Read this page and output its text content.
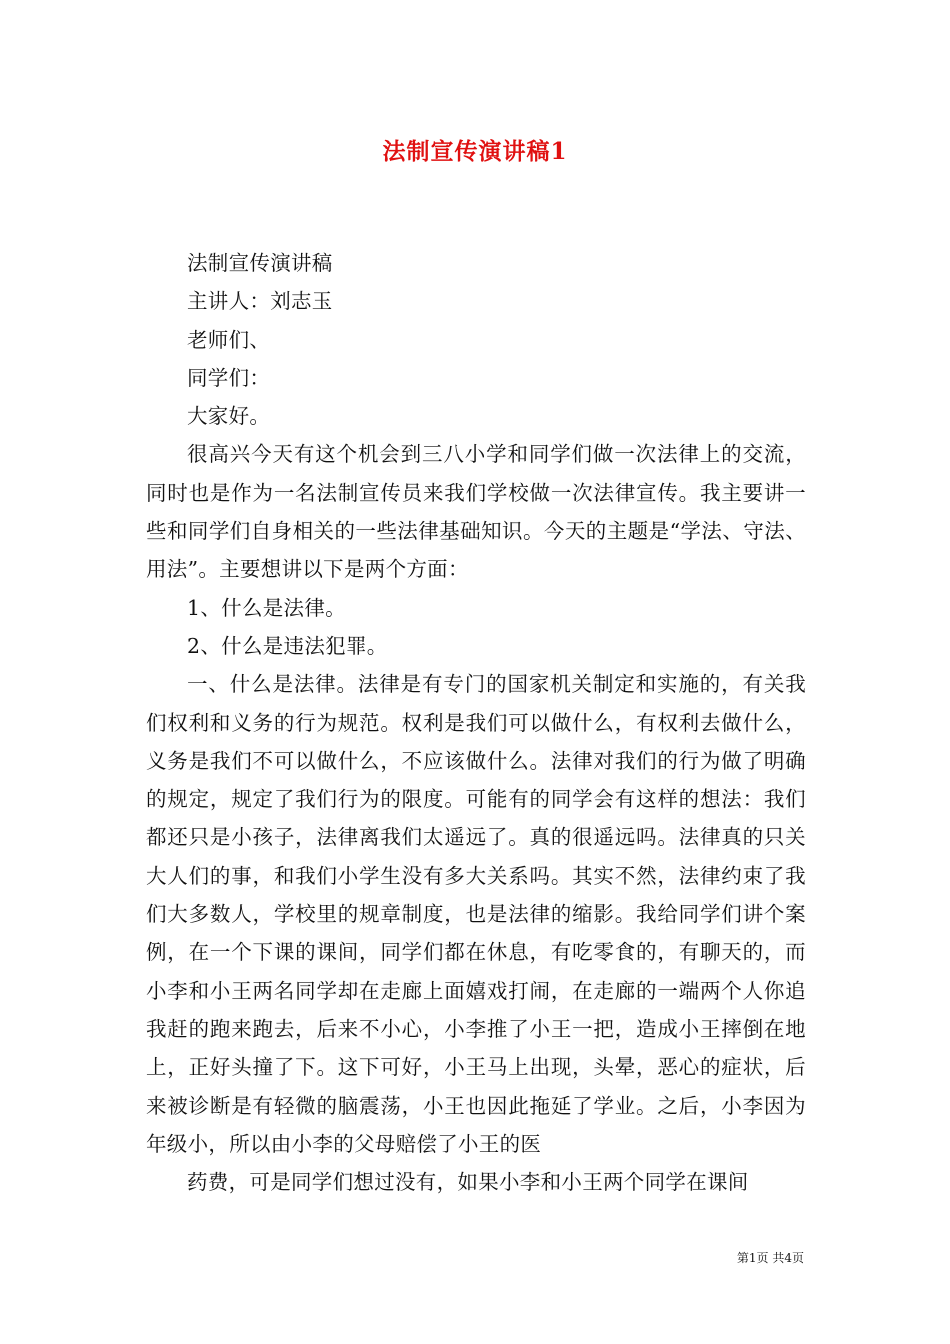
法制宣传演讲稿1

法制宣传演讲稿

主讲人：刘志玉

老师们、

同学们：

大家好。

很高兴今天有这个机会到三八小学和同学们做一次法律上的交流，同时也是作为一名法制宣传员来我们学校做一次法律宣传。我主要讲一些和同学们自身相关的一些法律基础知识。今天的主题是“学法、守法、用法”。主要想讲以下是两个方面：

1、什么是法律。

2、什么是违法犯罪。

一、什么是法律。法律是有专门的国家机关制定和实施的，有关我们权利和义务的行为规范。权利是我们可以做什么，有权利去做什么，义务是我们不可以做什么，不应该做什么。法律对我们的行为做了明确的规定，规定了我们行为的限度。可能有的同学会有这样的想法：我们都还只是小孩子，法律离我们太遥远了。真的很遥远吗。法律真的只关大人们的事，和我们小学生没有多大关系吗。其实不然，法律约束了我们大多数人，学校里的规章制度，也是法律的缩影。我给同学们讲个案例，在一个下课的课间，同学们都在休息，有吃零食的，有聊天的，而小李和小王两名同学却在走廊上面嬉戏打闹，在走廊的一端两个人你追我赶的跑来跑去，后来不小心，小李推了小王一把，造成小王摔倒在地上，正好头撞了下。这下可好，小王马上出现，头晕，恶心的症状，后来被诊断是有轻微的脑震荡，小王也因此拖延了学业。之后，小李因为年级小，所以由小李的父母赔偿了小王的医

药费，可是同学们想过没有，如果小李和小王两个同学在课间

第1页 共4页
